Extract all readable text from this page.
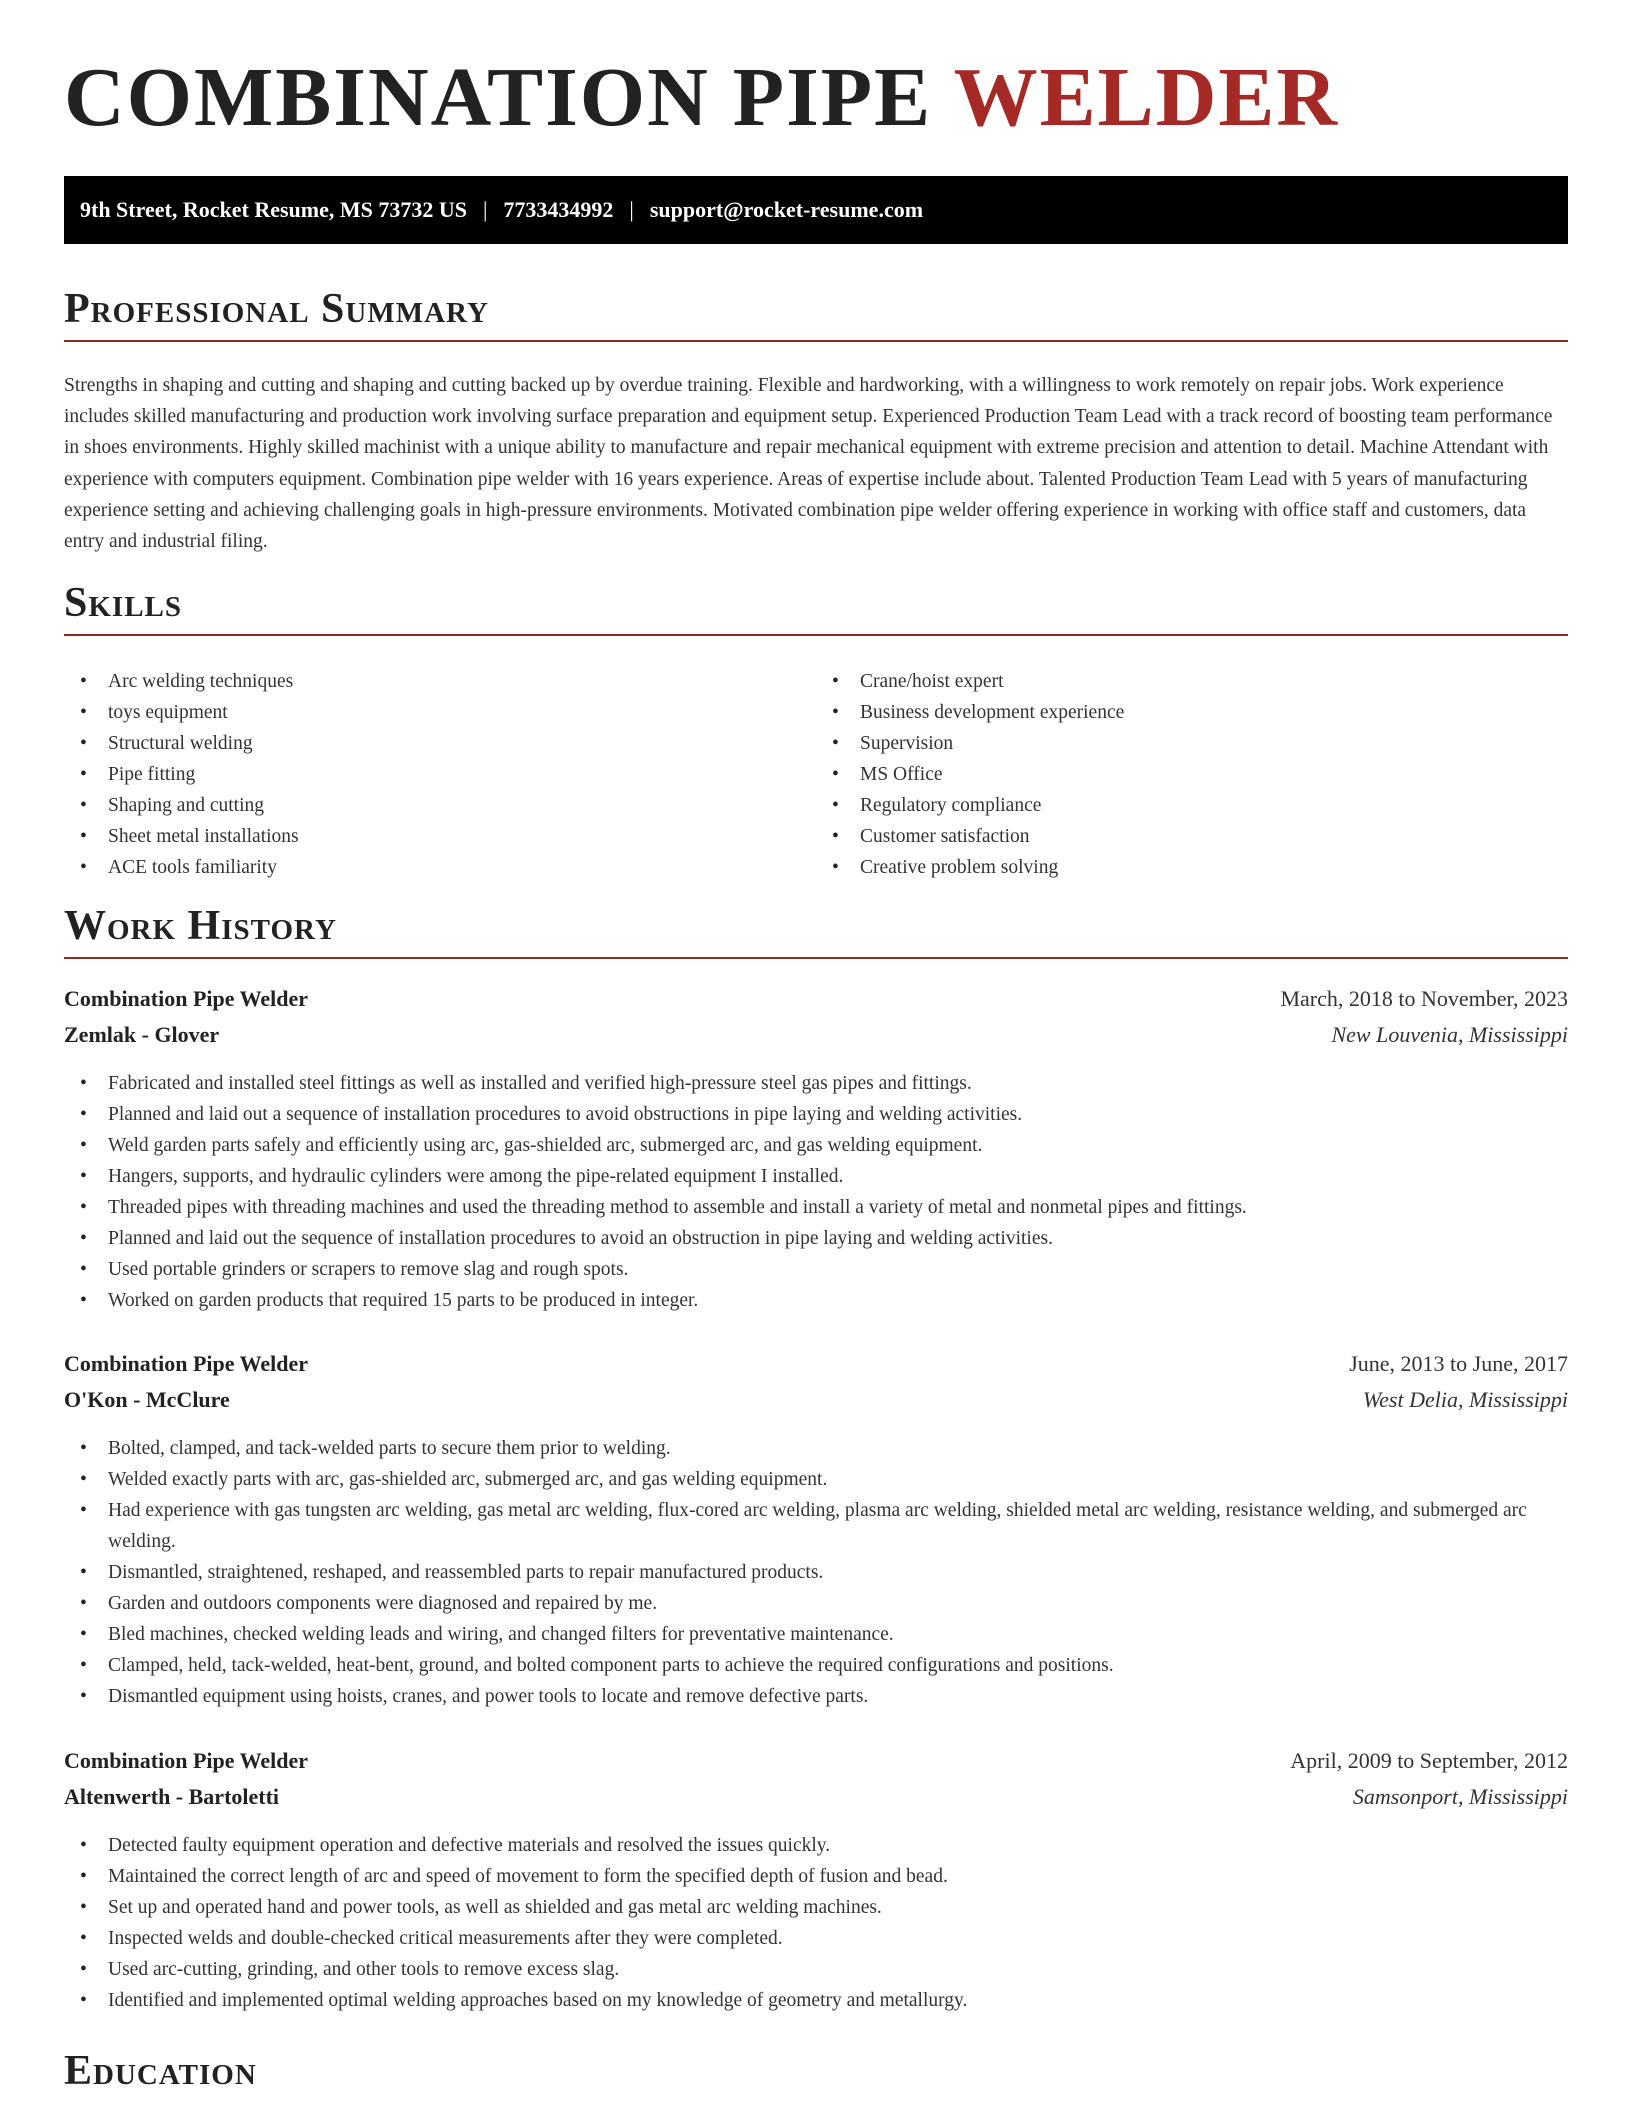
COMBINATION PIPE WELDER
9th Street, Rocket Resume, MS 73732 US | 7733434992 | support@rocket-resume.com
Professional Summary

Strengths in shaping and cutting and shaping and cutting backed up by overdue training. Flexible and hardworking, with a willingness to work remotely on repair jobs. Work experience includes skilled manufacturing and production work involving surface preparation and equipment setup. Experienced Production Team Lead with a track record of boosting team performance in shoes environments. Highly skilled machinist with a unique ability to manufacture and repair mechanical equipment with extreme precision and attention to detail. Machine Attendant with experience with computers equipment. Combination pipe welder with 16 years experience. Areas of expertise include about. Talented Production Team Lead with 5 years of manufacturing experience setting and achieving challenging goals in high-pressure environments. Motivated combination pipe welder offering experience in working with office staff and customers, data entry and industrial filing.

Skills
• Arc welding techniques
• toys equipment
• Structural welding
• Pipe fitting
• Shaping and cutting
• Sheet metal installations
• ACE tools familiarity
• Crane/hoist expert
• Business development experience
• Supervision
• MS Office
• Regulatory compliance
• Customer satisfaction
• Creative problem solving
Work History
Combination Pipe Welder	March, 2018 to November, 2023
Zemlak - Glover	New Louvenia, Mississippi
• Fabricated and installed steel fittings as well as installed and verified high-pressure steel gas pipes and fittings.
• Planned and laid out a sequence of installation procedures to avoid obstructions in pipe laying and welding activities.
• Weld garden parts safely and efficiently using arc, gas-shielded arc, submerged arc, and gas welding equipment.
• Hangers, supports, and hydraulic cylinders were among the pipe-related equipment I installed.
• Threaded pipes with threading machines and used the threading method to assemble and install a variety of metal and nonmetal pipes and fittings.
• Planned and laid out the sequence of installation procedures to avoid an obstruction in pipe laying and welding activities.
• Used portable grinders or scrapers to remove slag and rough spots.
• Worked on garden products that required 15 parts to be produced in integer.
Combination Pipe Welder	June, 2013 to June, 2017
O'Kon - McClure	West Delia, Mississippi
• Bolted, clamped, and tack-welded parts to secure them prior to welding.
• Welded exactly parts with arc, gas-shielded arc, submerged arc, and gas welding equipment.
• Had experience with gas tungsten arc welding, gas metal arc welding, flux-cored arc welding, plasma arc welding, shielded metal arc welding, resistance welding, and submerged arc welding.
• Dismantled, straightened, reshaped, and reassembled parts to repair manufactured products.
• Garden and outdoors components were diagnosed and repaired by me.
• Bled machines, checked welding leads and wiring, and changed filters for preventative maintenance.
• Clamped, held, tack-welded, heat-bent, ground, and bolted component parts to achieve the required configurations and positions.
• Dismantled equipment using hoists, cranes, and power tools to locate and remove defective parts.
Combination Pipe Welder	April, 2009 to September, 2012
Altenwerth - Bartoletti	Samsonport, Mississippi
• Detected faulty equipment operation and defective materials and resolved the issues quickly.
• Maintained the correct length of arc and speed of movement to form the specified depth of fusion and bead.
• Set up and operated hand and power tools, as well as shielded and gas metal arc welding machines.
• Inspected welds and double-checked critical measurements after they were completed.
• Used arc-cutting, grinding, and other tools to remove excess slag.
• Identified and implemented optimal welding approaches based on my knowledge of geometry and metallurgy.
Education
